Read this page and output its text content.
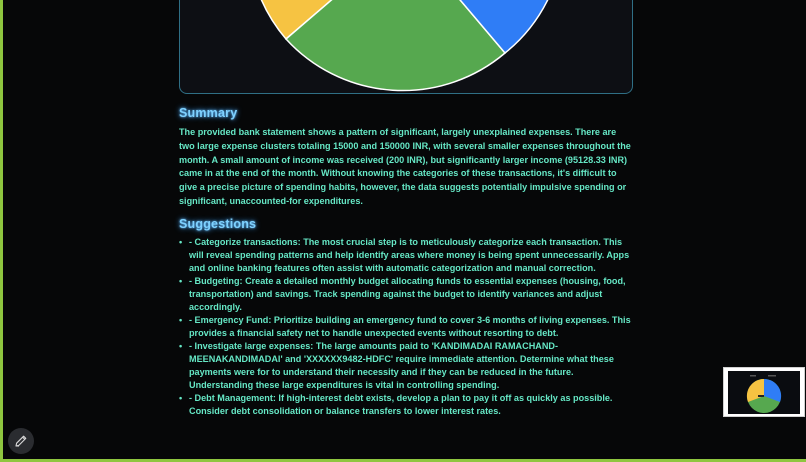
Summary

The provided bank statement shows a pattern of significant, largely unexplained expenses. There are two large expense clusters totaling 15000 and 150000 INR, with several smaller expenses throughout the month. A small amount of income was received (200 INR), but significantly larger income (95128.33 INR) came in at the end of the month. Without knowing the categories of these transactions, it's difficult to give a precise picture of spending habits, however, the data suggests potentially impulsive spending or significant, unaccounted-for expenditures.

Suggestions
• - Categorize transactions: The most crucial step is to meticulously categorize each transaction. This will reveal spending patterns and help identify areas where money is being spent unnecessarily. Apps and online banking features often assist with automatic categorization and manual correction.
• - Budgeting: Create a detailed monthly budget allocating funds to essential expenses (housing, food, transportation) and savings. Track spending against the budget to identify variances and adjust accordingly.
• - Emergency Fund: Prioritize building an emergency fund to cover 3-6 months of living expenses. This provides a financial safety net to handle unexpected events without resorting to debt.
• - Investigate large expenses: The large amounts paid to 'KANDIMADAI RAMACHAND-MEENAKANDIMADAI' and 'XXXXXX9482-HDFC' require immediate attention. Determine what these payments were for to understand their necessity and if they can be reduced in the future. Understanding these large expenditures is vital in controlling spending.
• - Debt Management: If high-interest debt exists, develop a plan to pay it off as quickly as possible. Consider debt consolidation or balance transfers to lower interest rates.
